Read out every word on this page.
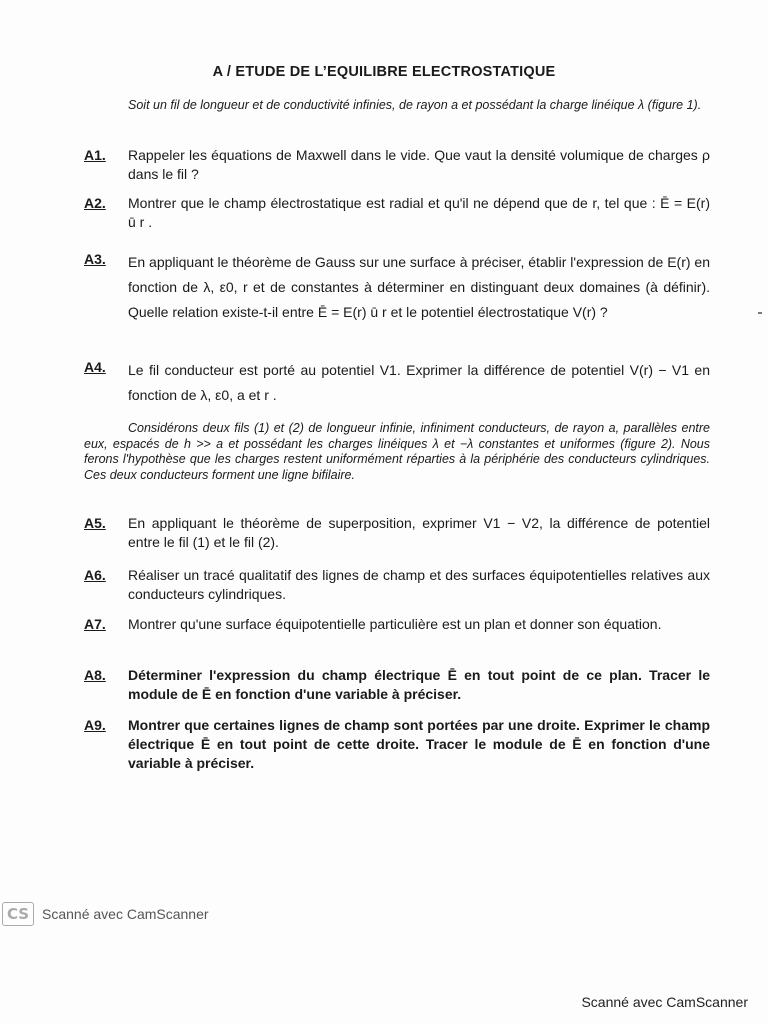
A / ETUDE DE L’EQUILIBRE ELECTROSTATIQUE
Soit un fil de longueur et de conductivité infinies, de rayon a et possédant la charge linéique λ (figure 1).
A1. Rappeler les équations de Maxwell dans le vide. Que vaut la densité volumique de charges ρ dans le fil ?
A2. Montrer que le champ électrostatique est radial et qu'il ne dépend que de r, tel que : Ē = E(r) ū r .
A3. En appliquant le théorème de Gauss sur une surface à préciser, établir l'expression de E(r) en fonction de λ, ε0, r et de constantes à déterminer en distinguant deux domaines (à définir). Quelle relation existe-t-il entre Ē = E(r) ū r et le potentiel électrostatique V(r) ?
A4. Le fil conducteur est porté au potentiel V1. Exprimer la différence de potentiel V(r) − V1 en fonction de λ, ε0, a et r .
Considérons deux fils (1) et (2) de longueur infinie, infiniment conducteurs, de rayon a, parallèles entre eux, espacés de h >> a et possédant les charges linéiques λ et −λ constantes et uniformes (figure 2). Nous ferons l'hypothèse que les charges restent uniformément réparties à la périphérie des conducteurs cylindriques. Ces deux conducteurs forment une ligne bifilaire.
A5. En appliquant le théorème de superposition, exprimer V1 − V2, la différence de potentiel entre le fil (1) et le fil (2).
A6. Réaliser un tracé qualitatif des lignes de champ et des surfaces équipotentielles relatives aux conducteurs cylindriques.
A7. Montrer qu'une surface équipotentielle particulière est un plan et donner son équation.
A8. Déterminer l'expression du champ électrique Ē en tout point de ce plan. Tracer le module de Ē en fonction d'une variable à préciser.
A9. Montrer que certaines lignes de champ sont portées par une droite. Exprimer le champ électrique Ē en tout point de cette droite. Tracer le module de Ē en fonction d'une variable à préciser.
CS Scanné avec CamScanner
Scanné avec CamScanner
